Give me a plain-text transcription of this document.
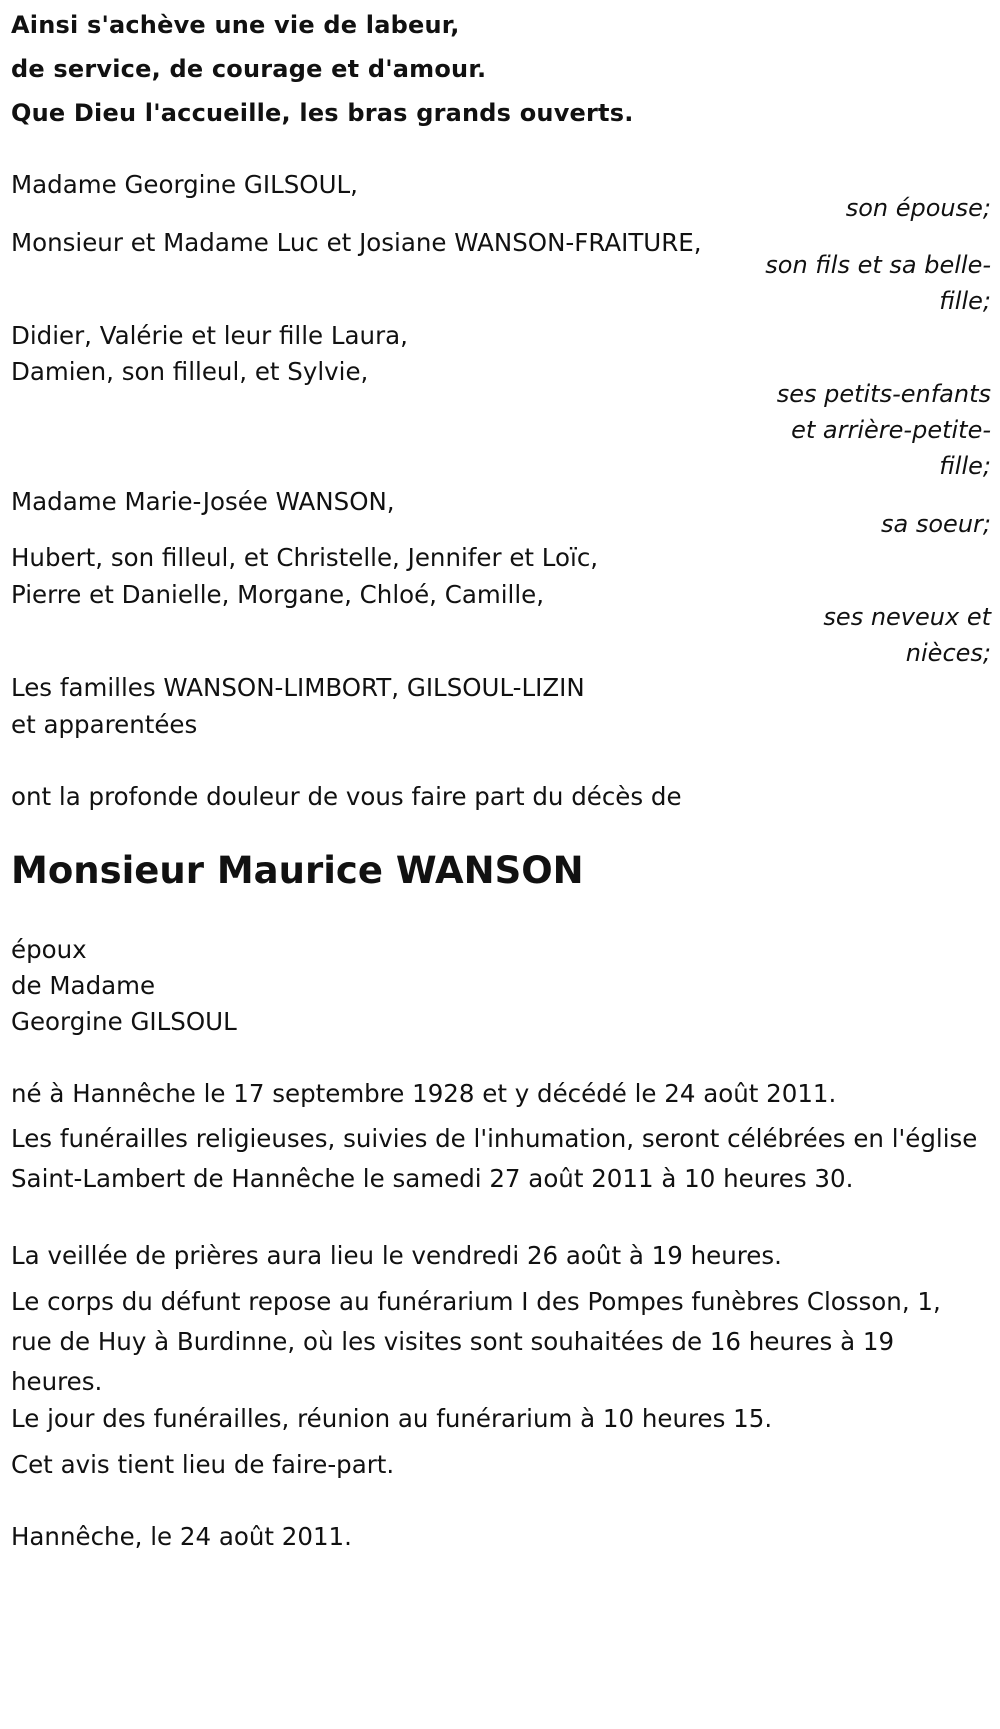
Ainsi s'achève une vie de labeur,
de service, de courage et d'amour.
Que Dieu l'accueille, les bras grands ouverts.
Madame Georgine GILSOUL,
son épouse;
Monsieur et Madame Luc et Josiane WANSON-FRAITURE,
son fils et sa belle-
fille;
Didier, Valérie et leur fille Laura,
Damien, son filleul, et Sylvie,
ses petits-enfants
et arrière-petite-
fille;
Madame Marie-Josée WANSON,
sa soeur;
Hubert, son filleul, et Christelle, Jennifer et Loïc,
Pierre et Danielle, Morgane, Chloé, Camille,
ses neveux et
nièces;
Les familles WANSON-LIMBORT, GILSOUL-LIZIN
et apparentées
ont la profonde douleur de vous faire part du décès de
Monsieur Maurice WANSON
époux
de Madame
Georgine GILSOUL
né à Hannêche le 17 septembre 1928 et y décédé le 24 août 2011.
Les funérailles religieuses, suivies de l'inhumation, seront célébrées en l'église Saint-Lambert de Hannêche le samedi 27 août 2011 à 10 heures 30.
La veillée de prières aura lieu le vendredi 26 août à 19 heures.
Le corps du défunt repose au funérarium I des Pompes funèbres Closson, 1, rue de Huy à Burdinne, où les visites sont souhaitées de 16 heures à 19 heures.
Le jour des funérailles, réunion au funérarium à 10 heures 15.
Cet avis tient lieu de faire-part.
Hannêche, le 24 août 2011.
